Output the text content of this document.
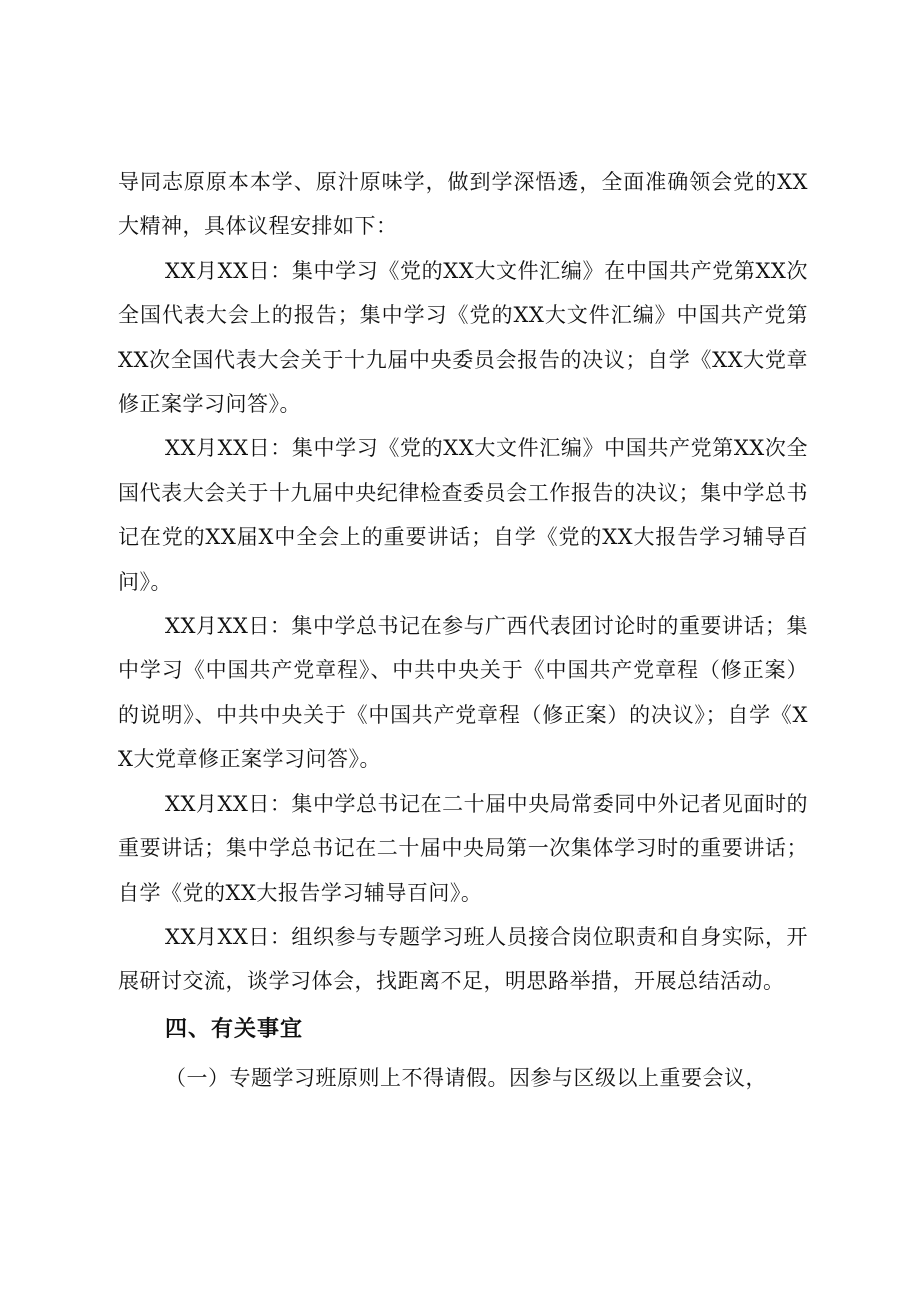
导同志原原本本学、原汁原味学，做到学深悟透，全面准确领会党的XX大精神，具体议程安排如下：

XX月XX日：集中学习《党的XX大文件汇编》在中国共产党第XX次全国代表大会上的报告；集中学习《党的XX大文件汇编》中国共产党第XX次全国代表大会关于十九届中央委员会报告的决议；自学《XX大党章修正案学习问答》。

XX月XX日：集中学习《党的XX大文件汇编》中国共产党第XX次全国代表大会关于十九届中央纪律检查委员会工作报告的决议；集中学总书记在党的XX届X中全会上的重要讲话；自学《党的XX大报告学习辅导百问》。

XX月XX日：集中学总书记在参与广西代表团讨论时的重要讲话；集中学习《中国共产党章程》、中共中央关于《中国共产党章程（修正案）的说明》、中共中央关于《中国共产党章程（修正案）的决议》；自学《XX大党章修正案学习问答》。

XX月XX日：集中学总书记在二十届中央局常委同中外记者见面时的重要讲话；集中学总书记在二十届中央局第一次集体学习时的重要讲话；自学《党的XX大报告学习辅导百问》。

XX月XX日：组织参与专题学习班人员接合岗位职责和自身实际，开展研讨交流，谈学习体会，找距离不足，明思路举措，开展总结活动。

四、有关事宜

（一）专题学习班原则上不得请假。因参与区级以上重要会议，
